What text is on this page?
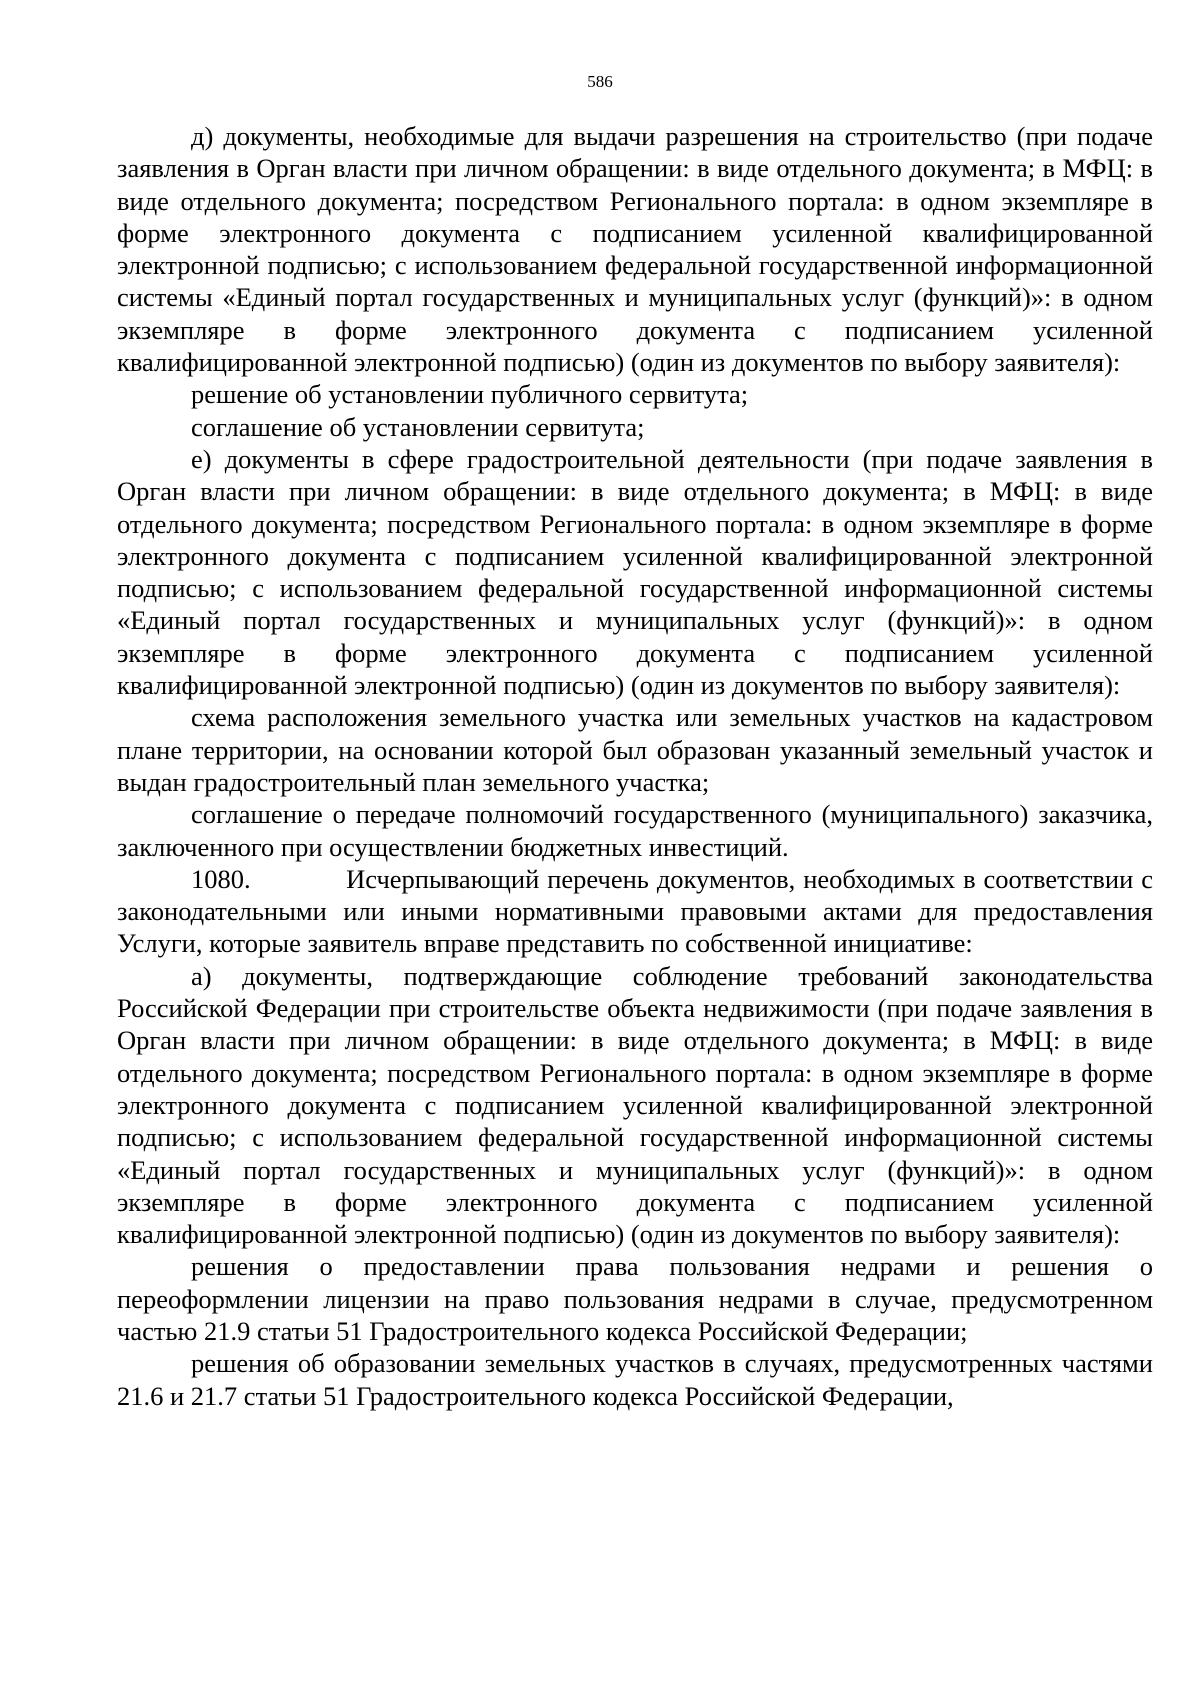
586

д) документы, необходимые для выдачи разрешения на строительство (при подаче заявления в Орган власти при личном обращении: в виде отдельного документа; в МФЦ: в виде отдельного документа; посредством Регионального портала: в одном экземпляре в форме электронного документа с подписанием усиленной квалифицированной электронной подписью; с использованием федеральной государственной информационной системы «Единый портал государственных и муниципальных услуг (функций)»: в одном экземпляре в форме электронного документа с подписанием усиленной квалифицированной электронной подписью) (один из документов по выбору заявителя):

решение об установлении публичного сервитута;

соглашение об установлении сервитута;

е) документы в сфере градостроительной деятельности (при подаче заявления в Орган власти при личном обращении: в виде отдельного документа; в МФЦ: в виде отдельного документа; посредством Регионального портала: в одном экземпляре в форме электронного документа с подписанием усиленной квалифицированной электронной подписью; с использованием федеральной государственной информационной системы «Единый портал государственных и муниципальных услуг (функций)»: в одном экземпляре в форме электронного документа с подписанием усиленной квалифицированной электронной подписью) (один из документов по выбору заявителя):

схема расположения земельного участка или земельных участков на кадастровом плане территории, на основании которой был образован указанный земельный участок и выдан градостроительный план земельного участка;

соглашение о передаче полномочий государственного (муниципального) заказчика, заключенного при осуществлении бюджетных инвестиций.

1080.            Исчерпывающий перечень документов, необходимых в соответствии с законодательными или иными нормативными правовыми актами для предоставления Услуги, которые заявитель вправе представить по собственной инициативе:

а) документы, подтверждающие соблюдение требований законодательства Российской Федерации при строительстве объекта недвижимости (при подаче заявления в Орган власти при личном обращении: в виде отдельного документа; в МФЦ: в виде отдельного документа; посредством Регионального портала: в одном экземпляре в форме электронного документа с подписанием усиленной квалифицированной электронной подписью; с использованием федеральной государственной информационной системы «Единый портал государственных и муниципальных услуг (функций)»: в одном экземпляре в форме электронного документа с подписанием усиленной квалифицированной электронной подписью) (один из документов по выбору заявителя):

решения о предоставлении права пользования недрами и решения о переоформлении лицензии на право пользования недрами в случае, предусмотренном частью 21.9 статьи 51 Градостроительного кодекса Российской Федерации;

решения об образовании земельных участков в случаях, предусмотренных частями 21.6 и 21.7 статьи 51 Градостроительного кодекса Российской Федерации,
